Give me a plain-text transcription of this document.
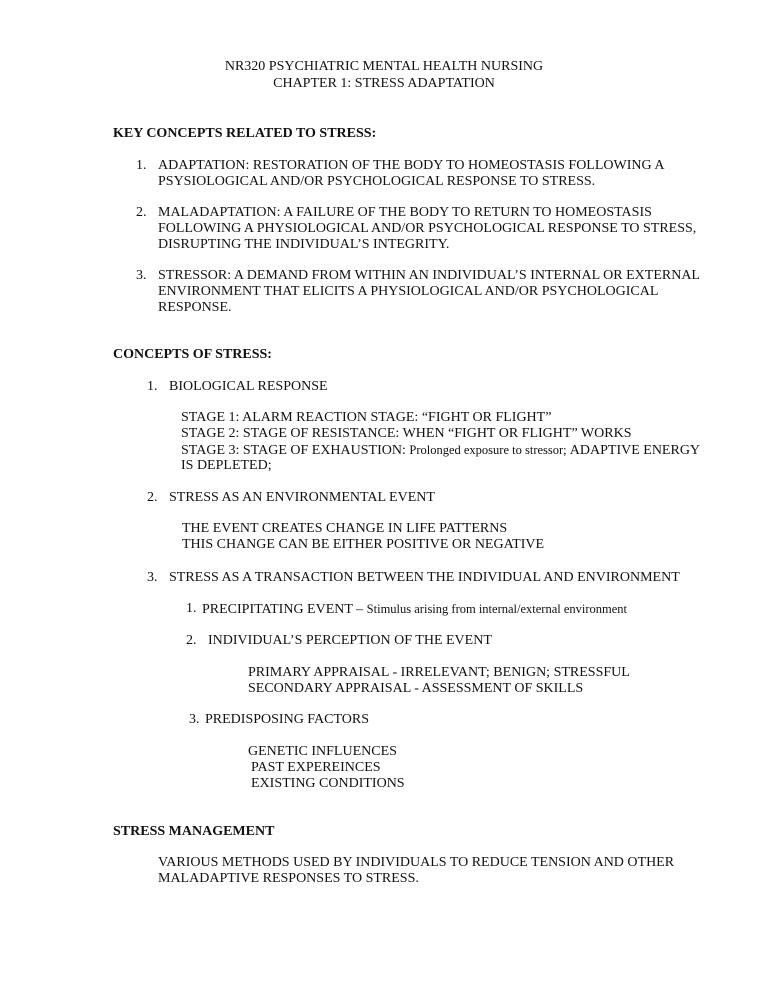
NR320 PSYCHIATRIC MENTAL HEALTH NURSING
CHAPTER 1: STRESS ADAPTATION
KEY CONCEPTS RELATED TO STRESS:
1. ADAPTATION: RESTORATION OF THE BODY TO HOMEOSTASIS FOLLOWING A
PSYSIOLOGICAL AND/OR PSYCHOLOGICAL RESPONSE TO STRESS.
2. MALADAPTATION: A FAILURE OF THE BODY TO RETURN TO HOMEOSTASIS
FOLLOWING A PHYSIOLOGICAL AND/OR PSYCHOLOGICAL RESPONSE TO STRESS,
DISRUPTING THE INDIVIDUAL’S INTEGRITY.
3. STRESSOR: A DEMAND FROM WITHIN AN INDIVIDUAL’S INTERNAL OR EXTERNAL
ENVIRONMENT THAT ELICITS A PHYSIOLOGICAL AND/OR PSYCHOLOGICAL
RESPONSE.
CONCEPTS OF STRESS:
1. BIOLOGICAL RESPONSE
STAGE 1: ALARM REACTION STAGE: “FIGHT OR FLIGHT”
STAGE 2: STAGE OF RESISTANCE: WHEN “FIGHT OR FLIGHT” WORKS
STAGE 3: STAGE OF EXHAUSTION: Prolonged exposure to stressor; ADAPTIVE ENERGY
IS DEPLETED;
2. STRESS AS AN ENVIRONMENTAL EVENT
THE EVENT CREATES CHANGE IN LIFE PATTERNS
THIS CHANGE CAN BE EITHER POSITIVE OR NEGATIVE
3. STRESS AS A TRANSACTION BETWEEN THE INDIVIDUAL AND ENVIRONMENT
1. PRECIPITATING EVENT – Stimulus arising from internal/external environment
2. INDIVIDUAL’S PERCEPTION OF THE EVENT
PRIMARY APPRAISAL - IRRELEVANT; BENIGN; STRESSFUL
SECONDARY APPRAISAL - ASSESSMENT OF SKILLS
3. PREDISPOSING FACTORS
GENETIC INFLUENCES
PAST EXPEREINCES
EXISTING CONDITIONS
STRESS MANAGEMENT
VARIOUS METHODS USED BY INDIVIDUALS TO REDUCE TENSION AND OTHER
MALADAPTIVE RESPONSES TO STRESS.
